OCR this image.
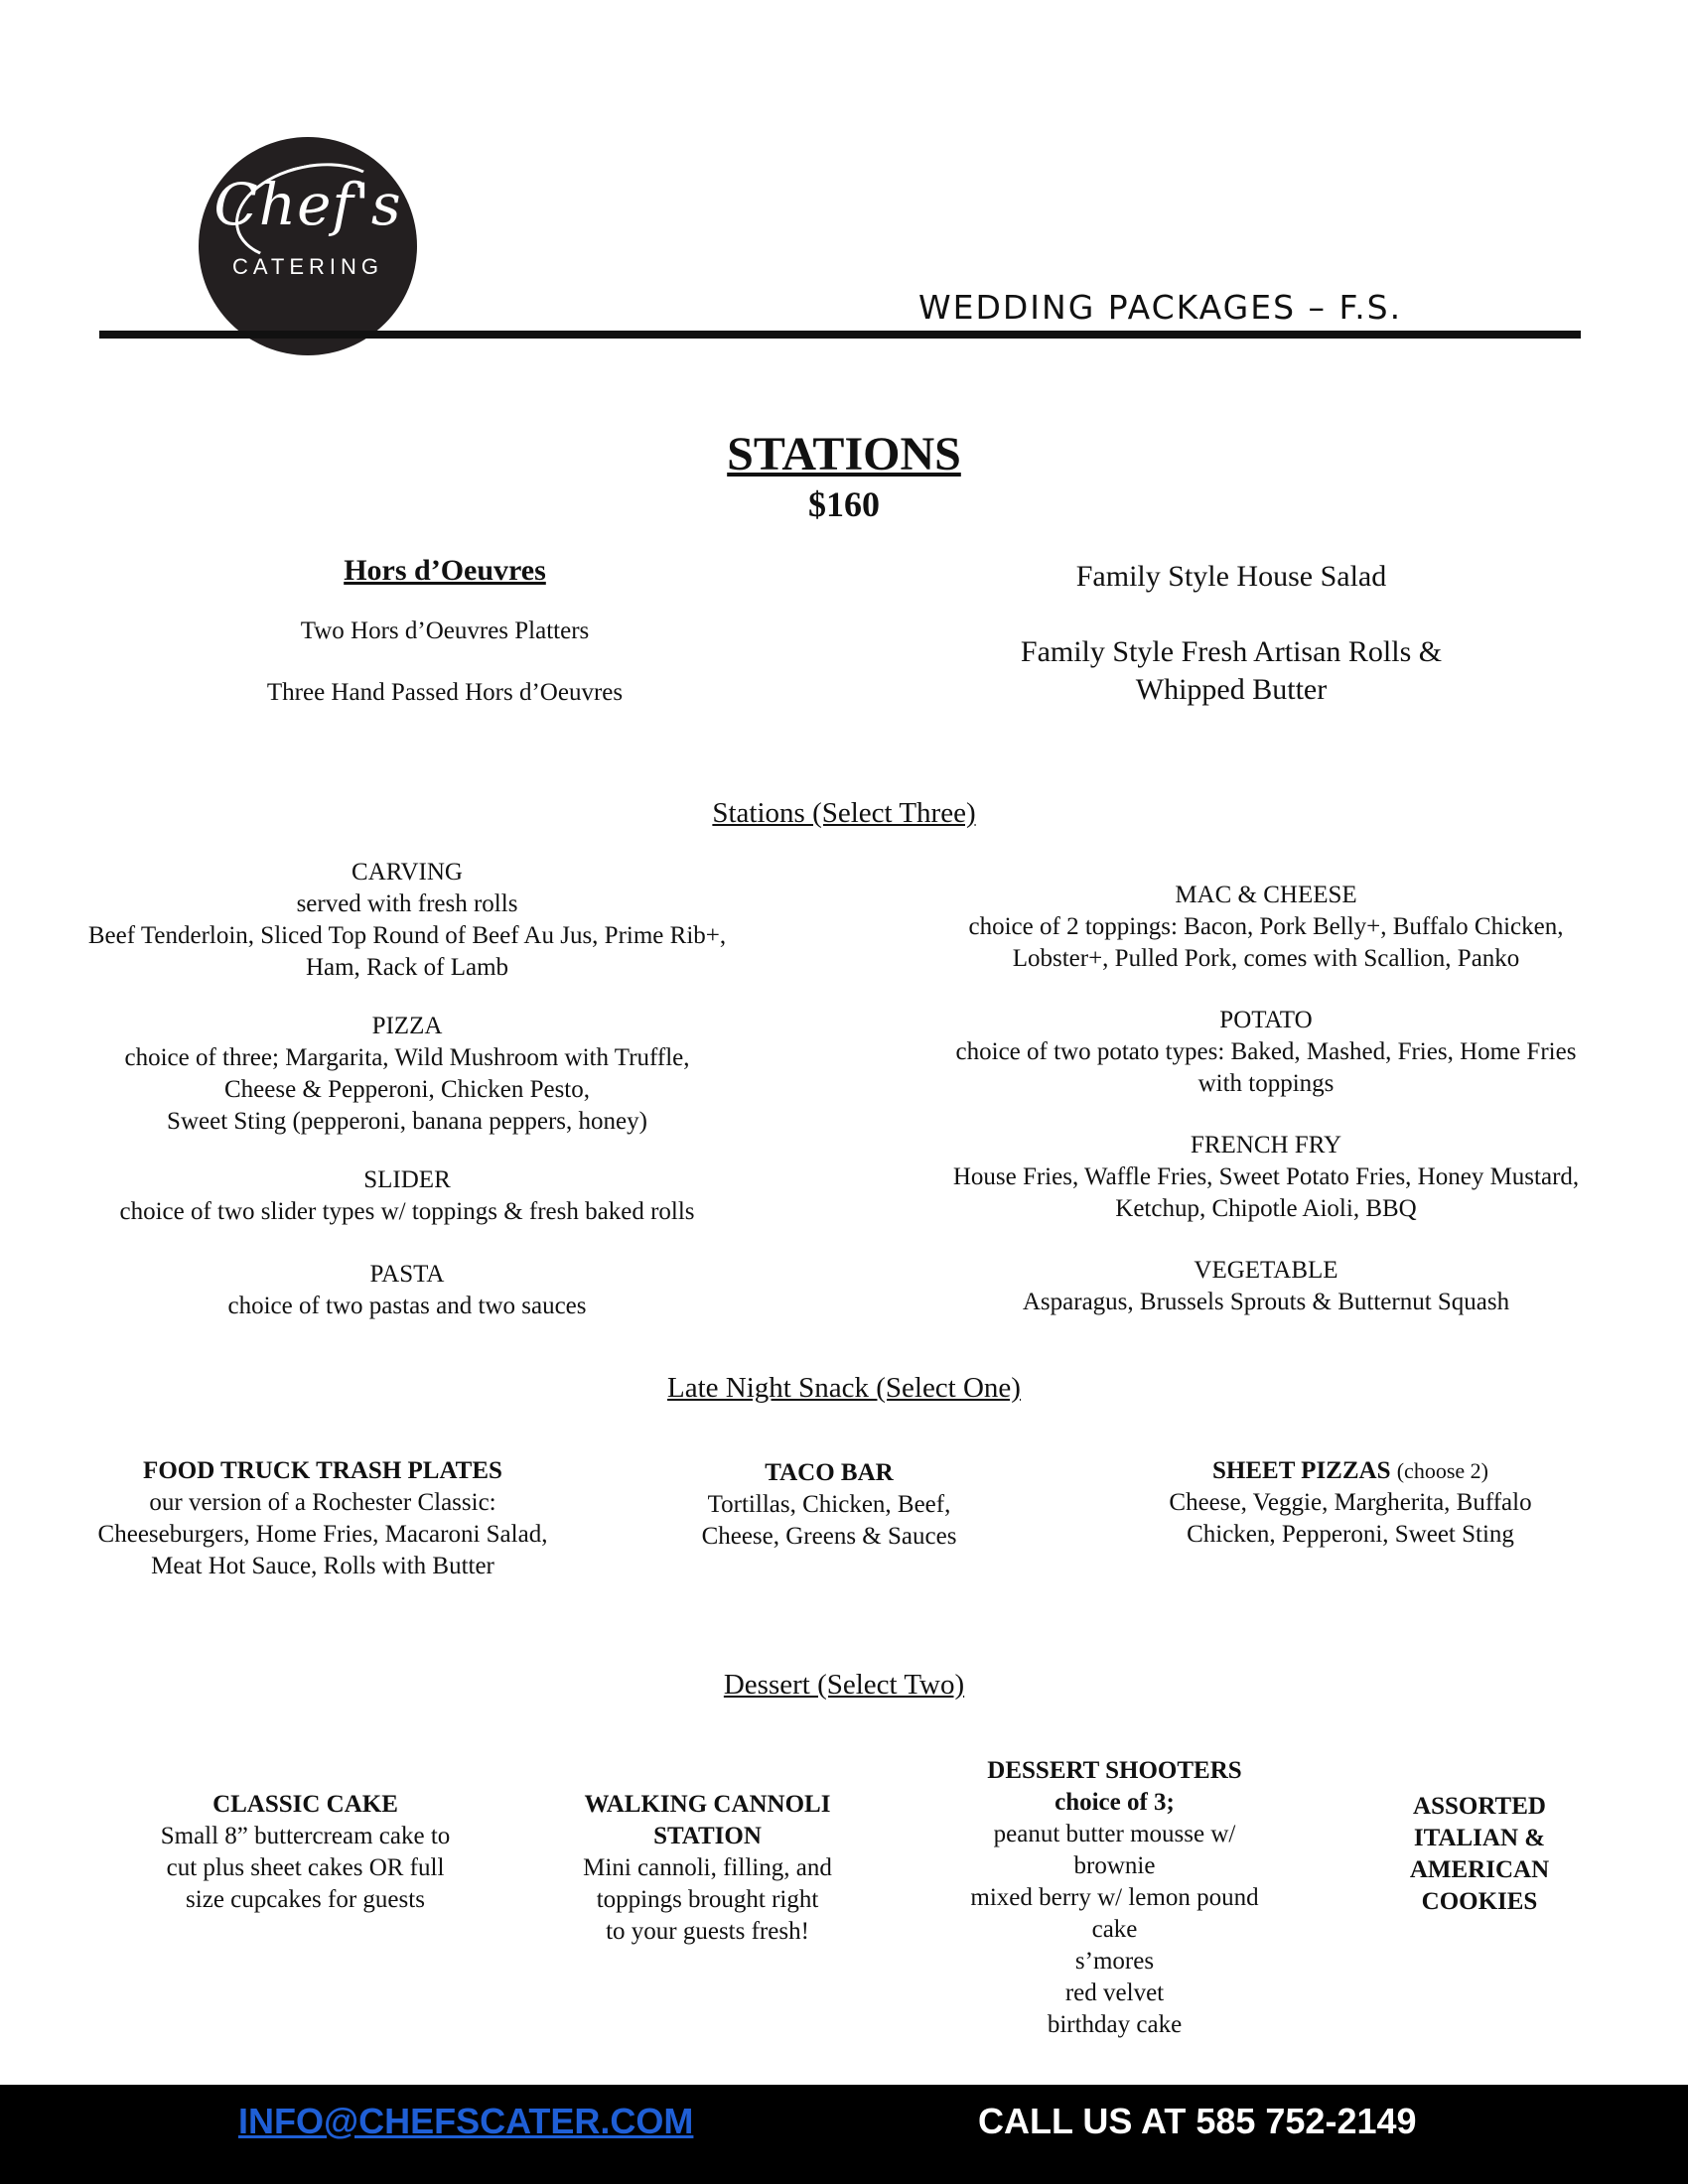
Chef's
CATERING
WEDDING PACKAGES – F.S.
STATIONS
$160
Hors d’Oeuvres
Two Hors d’Oeuvres Platters
Three Hand Passed Hors d’Oeuvres
Family Style House Salad
Family Style Fresh Artisan Rolls &
Whipped Butter
Stations (Select Three)
CARVING
served with fresh rolls
Beef Tenderloin, Sliced Top Round of Beef Au Jus, Prime Rib+,
Ham, Rack of Lamb
PIZZA
choice of three; Margarita, Wild Mushroom with Truffle,
Cheese & Pepperoni, Chicken Pesto,
Sweet Sting (pepperoni, banana peppers, honey)
SLIDER
choice of two slider types w/ toppings & fresh baked rolls
PASTA
choice of two pastas and two sauces
MAC & CHEESE
choice of 2 toppings: Bacon, Pork Belly+, Buffalo Chicken,
Lobster+, Pulled Pork, comes with Scallion, Panko
POTATO
choice of two potato types: Baked, Mashed, Fries, Home Fries
with toppings
FRENCH FRY
House Fries, Waffle Fries, Sweet Potato Fries, Honey Mustard,
Ketchup, Chipotle Aioli, BBQ
VEGETABLE
Asparagus, Brussels Sprouts & Butternut Squash
Late Night Snack (Select One)
FOOD TRUCK TRASH PLATES
our version of a Rochester Classic:
Cheeseburgers, Home Fries, Macaroni Salad,
Meat Hot Sauce, Rolls with Butter
TACO BAR
Tortillas, Chicken, Beef,
Cheese, Greens & Sauces
SHEET PIZZAS (choose 2)
Cheese, Veggie, Margherita, Buffalo
Chicken, Pepperoni, Sweet Sting
Dessert (Select Two)
CLASSIC CAKE
Small 8” buttercream cake to
cut plus sheet cakes OR full
size cupcakes for guests
WALKING CANNOLI
STATION
Mini cannoli, filling, and
toppings brought right
to your guests fresh!
DESSERT SHOOTERS
choice of 3;
peanut butter mousse w/
brownie
mixed berry w/ lemon pound
cake
s’mores
red velvet
birthday cake
ASSORTED
ITALIAN &
AMERICAN
COOKIES
INFO@CHEFSCATER.COM	CALL US AT 585 752-2149
